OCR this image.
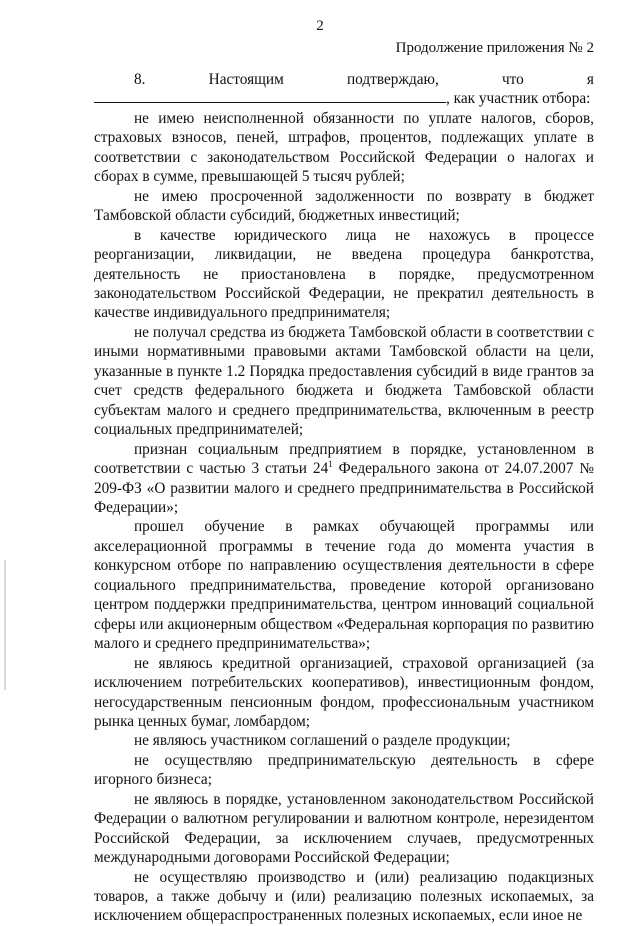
2
Продолжение приложения № 2
8.	Настоящим	подтверждаю,	что	я
, как участник отбора:

не имею неисполненной обязанности по уплате налогов, сборов, страховых взносов, пеней, штрафов, процентов, подлежащих уплате в соответствии с законодательством Российской Федерации о налогах и сборах в сумме, превышающей 5 тысяч рублей;

не имею просроченной задолженности по возврату в бюджет Тамбовской области субсидий, бюджетных инвестиций;

в качестве юридического лица не нахожусь в процессе реорганизации, ликвидации, не введена процедура банкротства, деятельность не приостановлена в порядке, предусмотренном законодательством Российской Федерации, не прекратил деятельность в качестве индивидуального предпринимателя;

не получал средства из бюджета Тамбовской области в соответствии с иными нормативными правовыми актами Тамбовской области на цели, указанные в пункте 1.2 Порядка предоставления субсидий в виде грантов за счет средств федерального бюджета и бюджета Тамбовской области субъектам малого и среднего предпринимательства, включенным в реестр социальных предпринимателей;

признан социальным предприятием в порядке, установленном в соответствии с частью 3 статьи $24^1$ Федерального закона от 24.07.2007 № 209-ФЗ «О развитии малого и среднего предпринимательства в Российской Федерации»;

прошел обучение в рамках обучающей программы или акселерационной программы в течение года до момента участия в конкурсном отборе по направлению осуществления деятельности в сфере социального предпринимательства, проведение которой организовано центром поддержки предпринимательства, центром инноваций социальной сферы или акционерным обществом «Федеральная корпорация по развитию малого и среднего предпринимательства»;

не являюсь кредитной организацией, страховой организацией (за исключением потребительских кооперативов), инвестиционным фондом, негосударственным пенсионным фондом, профессиональным участником рынка ценных бумаг, ломбардом;

не являюсь участником соглашений о разделе продукции;

не осуществляю предпринимательскую деятельность в сфере игорного бизнеса;

не являюсь в порядке, установленном законодательством Российской Федерации о валютном регулировании и валютном контроле, нерезидентом Российской Федерации, за исключением случаев, предусмотренных международными договорами Российской Федерации;

не осуществляю производство и (или) реализацию подакцизных товаров, а также добычу и (или) реализацию полезных ископаемых, за исключением общераспространенных полезных ископаемых, если иное не
